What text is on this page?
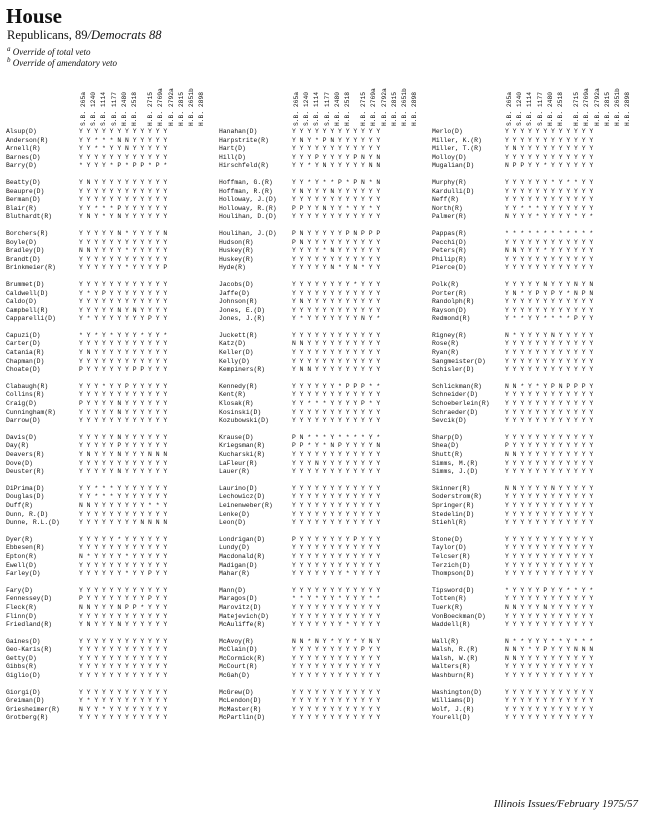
House
Republicans, 89/Democrats 88
$^a$ Override of total veto
$^b$ Override of amendatory veto
S.B. 265a S.B. 1240 S.B. 1114 S.B. 1177 H.B. 2480 H.B. 2518 H.B. 2715 H.B. 2769a H.B. 2792a H.B. 2815 H.B. 2651b H.B. 2898
Alsup(D)	Y Y Y Y Y Y Y Y Y Y Y Y
Anderson(R)	Y Y * * * N N Y Y Y Y Y
Arnell(R)	Y Y * * Y Y N Y Y Y Y Y
Barnes(D)	Y Y Y Y Y Y Y Y Y Y Y Y
Barry(D)	* Y Y Y * P * P P * P *
Beatty(D)	Y N Y Y Y Y Y Y Y Y Y Y
Beaupre(D)	Y Y Y Y Y Y Y Y Y Y Y Y
Berman(D)	Y Y Y Y Y Y Y Y Y Y Y Y
Blair(R)	Y Y * * * P Y Y Y Y Y Y
Bluthardt(R)	Y N Y * Y N Y Y Y Y Y Y
Borchers(R)	Y Y Y Y Y N * Y Y Y Y N
Boyle(D)	Y Y Y Y Y Y Y Y Y Y Y Y
Bradley(D)	N N Y Y Y Y * Y Y Y Y Y
Brandt(D)	Y Y Y Y Y Y Y Y Y Y Y Y
Brinkmeier(R)	Y Y Y Y Y Y * Y Y Y Y P
Brummet(D)	Y Y Y Y Y Y Y Y Y Y Y Y
Caldwell(D)	Y * Y P Y Y Y Y Y Y Y Y
Caldo(D)	Y Y Y Y Y Y Y Y Y Y Y Y
Campbell(R)	Y Y Y Y Y N Y N Y Y Y Y
Capparelli(D)	Y * Y Y Y Y Y Y Y P Y Y
Capuzi(D)	* Y * Y * Y Y Y * Y Y *
Carter(D)	Y Y Y Y Y Y Y Y Y Y Y Y
Catania(R)	Y N Y Y Y Y Y Y Y Y Y Y
Chapman(D)	Y Y Y Y Y Y Y Y Y Y Y Y
Choate(D)	P Y Y Y Y Y Y P P Y Y Y
Clabaugh(R)	Y Y Y * Y Y P Y Y Y Y Y
Collins(R)	Y Y Y Y Y Y Y Y Y Y Y Y
Craig(D)	P Y Y Y Y N Y Y Y Y Y Y
Cunningham(R)	Y Y Y Y Y N Y Y Y Y Y Y
Darrow(D)	Y Y Y Y Y Y Y Y Y Y Y Y
Davis(D)	Y Y Y Y Y N Y Y Y Y Y Y
Day(R)	Y Y Y Y Y P Y Y Y Y Y Y
Deavers(R)	Y N Y Y Y N Y Y Y N N N
Dove(D)	Y Y Y Y Y Y Y Y Y Y Y Y
Deuster(R)	Y Y Y Y Y N Y Y Y Y Y Y
DiPrima(D)	Y Y * * * Y Y Y Y Y Y Y
Douglas(D)	Y Y * * * Y Y Y Y Y Y Y
Duff(R)	N N Y Y Y Y Y Y Y * * Y
Dunn, R.(D)	Y Y Y Y Y Y Y Y Y Y Y Y
Dunne, R.L.(D)	Y Y Y Y Y Y Y Y N N N N
Dyer(R)	Y Y Y Y Y * Y Y Y Y Y Y
Ebbesen(R)	Y Y Y Y Y Y Y Y Y Y Y Y
Epton(R)	N * Y Y Y Y * Y Y Y Y Y
Ewell(D)	Y Y Y Y Y Y Y Y Y Y Y Y
Farley(D)	Y Y Y Y Y Y * Y Y P Y Y
Fary(D)	Y Y Y Y Y Y Y Y Y Y Y Y
Fennessey(D)	P Y Y Y Y Y Y Y Y P Y Y
Fleck(R)	N N Y Y Y N P P * Y Y Y
Flinn(D)	Y Y Y Y Y Y Y Y Y Y Y Y
Friedland(R)	Y N Y Y Y N Y Y Y Y Y Y
Gaines(D)	Y Y Y Y Y Y Y Y Y Y Y Y
Geo-Karis(R)	Y Y Y Y Y Y Y Y Y Y Y Y
Getty(D)	Y Y Y Y Y Y Y Y Y Y Y Y
Gibbs(R)	Y Y Y Y Y Y Y Y Y Y Y Y
Giglio(D)	Y Y Y Y Y Y Y Y Y Y Y Y
Giorgi(D)	Y Y Y Y Y Y Y Y Y Y Y Y
Greiman(D)	Y * Y Y Y Y Y Y Y Y Y Y
Griesheimer(R)	N Y Y * Y Y Y Y Y Y Y Y
Grotberg(R)	Y Y Y Y Y Y Y Y Y Y Y Y
S.B. 265a S.B. 1240 S.B. 1114 S.B. 1177 H.B. 2480 H.B. 2518 H.B. 2715 H.B. 2769a H.B. 2792a H.B. 2815 H.B. 2651b H.B. 2898
Hanahan(D)	Y Y Y Y Y Y Y Y Y Y Y Y
Harpstrite(R)	Y N Y * P N Y Y Y Y Y Y
Hart(D)	Y Y Y Y Y Y Y Y Y Y Y Y
Hill(D)	Y Y Y P Y Y Y Y P N Y N
Hirschfeld(R)	Y Y * Y N Y Y Y Y Y N N
Hoffman, G.(R)	Y Y * Y * * P * P N * N
Hoffman, R.(R)	Y N Y Y Y N Y Y Y Y Y Y
Holloway, J.(D) Y Y Y Y Y Y Y Y Y Y Y Y
Holloway, R.(R) P P Y Y N Y Y * Y Y * Y
Houlihan, D.(D) Y Y Y Y Y Y Y Y Y Y Y Y
Houlihan, J.(D) P N Y Y Y Y Y P N P P P
Hudson(R)	P N Y Y Y Y Y Y Y Y Y Y
Huskey(R)	Y Y Y Y * N Y Y Y Y Y Y
Huskey(R)	Y Y Y Y Y Y Y Y Y Y Y Y
Hyde(R)	Y Y Y Y Y N * Y N * Y Y
Jacobs(D)	Y Y Y Y Y Y Y Y * Y Y Y
Jaffe(D)	Y Y Y Y Y Y Y Y Y Y Y Y
Johnson(R)	Y N Y Y Y Y Y Y Y Y Y Y
Jones, E.(D)	Y Y Y Y Y Y Y Y Y Y Y Y
Jones, J.(R)	Y * Y Y Y Y Y Y Y N Y *
Juckett(R)	Y Y Y Y Y Y Y Y Y Y Y Y
Katz(D)	N N Y Y Y Y Y Y Y Y Y Y
Keller(D)	Y Y Y Y Y Y Y Y Y Y Y Y
Kelly(D)	Y Y Y Y Y Y Y Y Y Y Y Y
Kempiners(R)	Y N N Y Y Y Y Y Y Y Y Y
Kennedy(R)	Y Y Y Y Y Y * P P P * *
Kent(R)	Y Y Y Y Y Y Y Y Y Y Y Y
Klosak(R)	Y Y * * * Y Y Y Y P * Y
Kosinski(D)	Y Y Y Y Y Y Y Y Y Y Y Y
Kozubowski(D)	Y Y Y Y Y Y Y Y Y Y Y Y
Krause(D)	P N * * * Y * * * * Y *
Kriegsman(R)	P P * Y * N P Y Y Y Y N
Kucharski(R)	Y Y Y Y Y Y Y Y Y Y Y Y
LaFleur(R)	Y Y Y N Y Y Y Y Y Y Y Y
Lauer(R)	Y Y Y Y Y Y Y Y Y Y Y Y
Laurino(D)	Y Y Y Y Y Y Y Y Y Y Y Y
Lechowicz(D)	Y Y Y Y Y Y Y Y Y Y Y Y
Leinenweber(R)	Y Y Y Y Y Y Y Y Y Y Y Y
Lenke(D)	Y Y Y Y Y Y Y Y Y Y Y Y
Leon(D)	Y Y Y Y Y Y Y Y Y Y Y Y
Londrigan(D)	P Y Y Y Y Y Y Y P Y Y Y
Lundy(D)	Y Y Y Y Y Y Y Y Y Y Y Y
Macdonald(R)	Y Y Y Y Y Y Y Y Y Y Y Y
Madigan(D)	Y Y Y Y Y Y Y Y Y Y Y Y
Mahar(R)	Y Y Y Y Y Y Y * Y Y Y Y
Mann(D)	Y Y Y Y Y Y Y Y Y Y Y Y
Maragos(D)	* * Y * Y Y * Y Y Y * *
Marovitz(D)	Y Y Y Y Y Y Y Y Y Y Y Y
Matejevich(D)	Y Y Y Y Y Y Y Y Y Y Y Y
McAuliffe(R)	Y Y Y Y Y Y Y * Y Y Y Y
McAvoy(R)	N N * N Y * Y Y * Y N Y
McClain(D)	Y Y Y Y Y Y Y Y Y P Y Y
McCormick(R)	Y Y Y Y Y Y Y Y Y Y Y Y
McCourt(R)	Y Y Y Y Y Y Y Y Y Y Y Y
McGah(D)	Y Y Y Y Y Y Y Y Y Y Y Y
McGrew(D)	Y Y Y Y Y Y Y Y Y Y Y Y
McLendon(D)	Y Y Y Y Y Y Y Y Y Y Y Y
McMaster(R)	Y Y Y Y Y Y Y Y Y Y Y Y
McPartlin(D)	Y Y Y Y Y Y Y Y Y Y Y Y
S.B. 265a S.B. 1240 S.B. 1114 S.B. 1177 H.B. 2480 H.B. 2518 H.B. 2715 H.B. 2769a H.B. 2792a H.B. 2815 H.B. 2651b H.B. 2898
Merlo(D)	Y Y Y Y Y Y Y Y Y Y Y Y
Miller, K.(R)	Y Y Y Y Y Y Y Y Y Y Y Y
Miller, T.(R)	Y N Y Y Y Y Y Y Y Y Y Y
Molloy(D)	Y Y Y Y Y Y Y Y Y Y Y Y
Mugalian(D)	N P P Y Y * Y Y Y Y Y Y
Murphy(R)	Y Y Y Y Y Y * Y * * Y Y
Kardulli(D)	Y Y Y Y Y Y Y Y Y Y Y Y
Neff(R)	Y Y Y Y Y Y Y Y Y Y Y Y
North(R)	Y Y * * * Y Y Y Y Y Y Y
Palmer(R)	N Y Y Y * Y Y Y Y * Y *
Pappas(R)	* * * * * * * * * * * *
Pecchi(D)	Y Y Y Y Y Y Y Y Y Y Y Y
Peters(R)	N N Y Y Y * Y Y Y Y Y Y
Philip(R)	Y Y Y Y Y Y Y Y Y Y Y Y
Pierce(D)	Y Y Y Y Y Y Y Y Y Y Y Y
Polk(R)	Y Y Y Y Y N Y Y Y N Y N
Porter(R)	Y N * Y P Y P Y * N P N
Randolph(R)	Y Y Y Y Y Y Y Y Y Y Y Y
Rayson(D)	Y Y Y Y Y Y Y Y Y Y Y Y
Redmond(R)	Y * * Y Y * * * * P Y Y
Rigney(R)	N * Y Y Y Y N Y Y Y Y Y
Rose(R)	Y Y Y Y Y Y Y Y Y Y Y Y
Ryan(R)	Y Y Y Y Y Y Y Y Y Y Y Y
Sangmeister(D)	Y Y Y Y Y Y Y Y Y Y Y Y
Schisler(D)	Y Y Y Y Y Y Y Y Y Y Y Y
Schlickman(R)	N N * Y * Y P N P P P Y
Schneider(D)	Y Y Y Y Y Y Y Y Y Y Y Y
Schoeberlein(R) Y Y Y Y Y Y Y Y Y Y Y Y
Schraeder(D)	Y Y Y Y Y Y Y Y Y Y Y Y
Sevcik(D)	Y Y Y Y Y Y Y Y Y Y Y Y
Sharp(D)	Y Y Y Y Y Y Y Y Y Y Y Y
Shea(D)	P Y Y Y Y Y Y Y Y Y Y Y
Shutt(R)	N N Y Y Y Y Y Y Y Y Y Y
Simms, M.(R)	Y Y Y Y Y Y Y Y Y Y Y Y
Simms, J.(D)	Y Y Y Y Y Y Y Y Y Y Y Y
Skinner(R)	N N Y Y Y Y N Y Y Y Y Y
Soderstrom(R)	Y Y Y Y Y Y Y Y Y Y Y Y
Springer(R)	Y Y Y Y Y Y Y Y Y Y Y Y
Stedelin(D)	Y Y Y Y Y Y Y Y Y Y Y Y
Stiehl(R)	Y Y Y Y Y Y Y Y Y Y Y Y
Stone(D)	Y Y Y Y Y Y Y Y Y Y Y Y
Taylor(D)	Y Y Y Y Y Y Y Y Y Y Y Y
Telcser(R)	Y Y Y Y Y Y Y Y Y Y Y Y
Terzich(D)	Y Y Y Y Y Y Y Y Y Y Y Y
Thompson(D)	Y Y Y Y Y Y Y Y Y Y Y Y
Tipsword(D)	* Y Y Y Y P Y Y * * Y *
Totten(R)	Y Y Y Y Y Y Y Y Y Y Y Y
Tuerk(R)	N N Y Y Y N Y Y Y Y Y Y
VonBoeckman(D)	Y Y Y Y Y Y Y Y Y Y Y Y
Waddell(R)	Y Y Y Y Y Y Y Y Y Y Y Y
Wall(R)	N * * Y Y Y * * Y * * *
Walsh, R.(R)	N N Y * Y P Y Y Y N N N
Walsh, W.(R)	N N Y Y Y Y Y Y Y Y Y Y
Walters(R)	Y Y Y Y Y Y Y Y Y Y Y Y
Washburn(R)	Y Y Y Y Y Y Y Y Y Y Y Y
Washington(D)	Y Y Y Y Y Y Y Y Y Y Y Y
Williams(D)	Y Y Y Y Y Y Y Y Y Y Y Y
Wolf, J.(R)	Y Y Y Y Y Y Y Y Y Y Y Y
Yourell(D)	Y Y Y Y Y Y Y Y Y Y Y Y
Illinois Issues/February 1975/57
